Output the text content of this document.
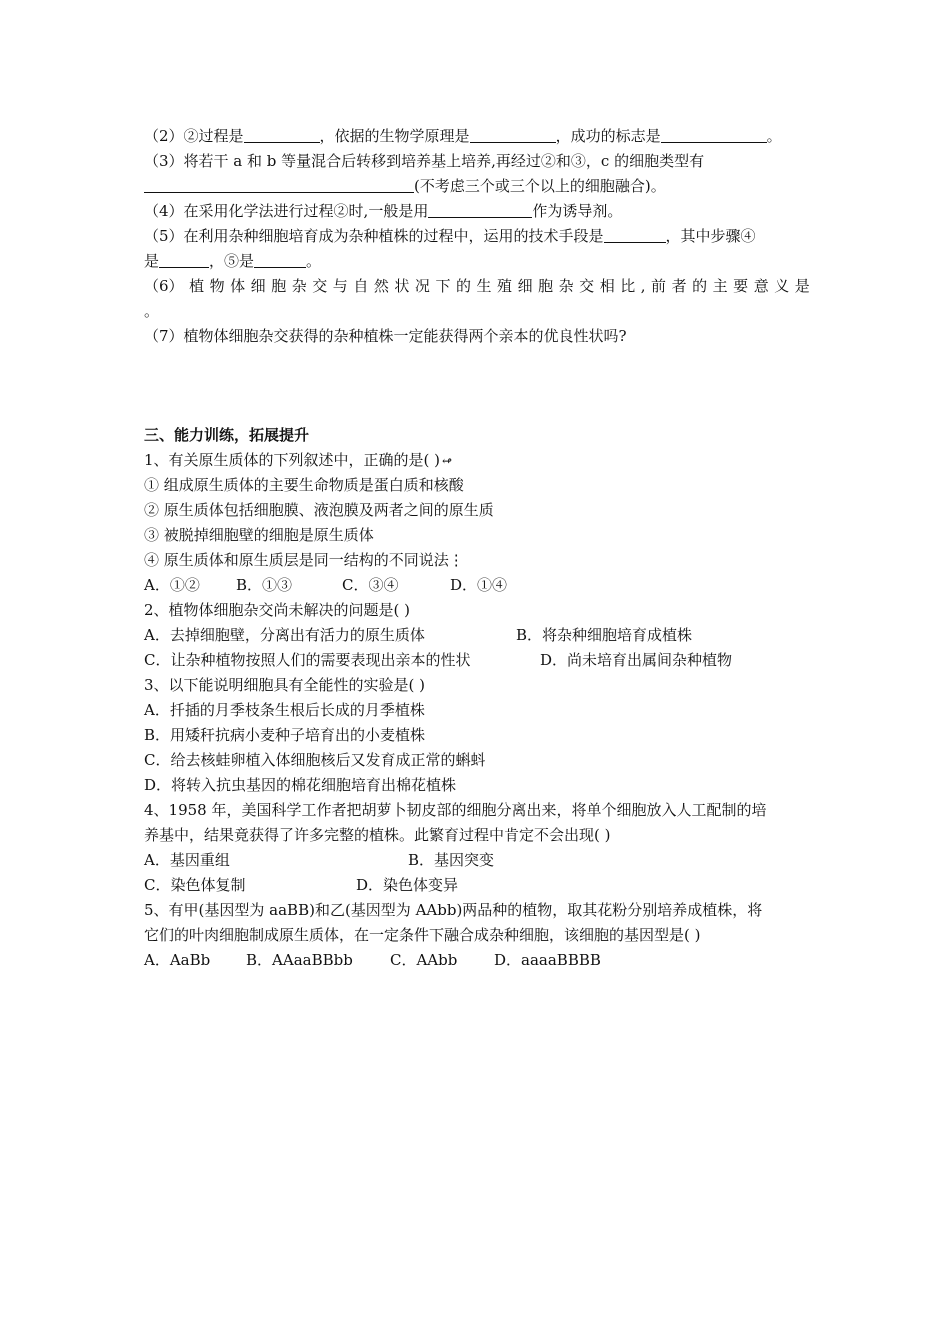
（2）②过程是	，依据的生物学原理是	，成功的标志是	。
（3）将若干 a 和 b 等量混合后转移到培养基上培养,再经过②和③，c 的细胞类型有
(不考虑三个或三个以上的细胞融合)。
（4）在采用化学法进行过程②时,一般是用	作为诱导剂。
（5）在利用杂种细胞培育成为杂种植株的过程中，运用的技术手段是	，其中步骤④
是	，⑤是	。
（6） 植 物 体 细 胞 杂 交 与 自 然 状 况 下 的 生 殖 细 胞 杂 交 相 比 , 前 者 的 主 要 意 义 是
。
（7）植物体细胞杂交获得的杂种植株一定能获得两个亲本的优良性状吗?
三、能力训练，拓展提升
1、有关原生质体的下列叙述中，正确的是( ) ↫
① 组成原生质体的主要生命物质是蛋白质和核酸
② 原生质体包括细胞膜、液泡膜及两者之间的原生质
③ 被脱掉细胞壁的细胞是原生质体
④ 原生质体和原生质层是同一结构的不同说法⋮
A．①② B．①③	C．③④	D．①④
2、植物体细胞杂交尚未解决的问题是( )
A．去掉细胞壁，分离出有活力的原生质体	B．将杂种细胞培育成植株
C．让杂种植物按照人们的需要表现出亲本的性状	D．尚未培育出属间杂种植物
3、以下能说明细胞具有全能性的实验是( )
A．扦插的月季枝条生根后长成的月季植株
B．用矮秆抗病小麦种子培育出的小麦植株
C．给去核蛙卵植入体细胞核后又发育成正常的蝌蚪
D．将转入抗虫基因的棉花细胞培育出棉花植株
4、1958 年，美国科学工作者把胡萝卜韧皮部的细胞分离出来，将单个细胞放入人工配制的培
养基中，结果竟获得了许多完整的植株。此繁育过程中肯定不会出现( )
A．基因重组	B．基因突变
C．染色体复制	D．染色体变异
5、有甲(基因型为 aaBB)和乙(基因型为 AAbb)两品种的植物，取其花粉分别培养成植株，将
它们的叶肉细胞制成原生质体，在一定条件下融合成杂种细胞，该细胞的基因型是( )
A．AaBb B．AAaaBBbb C．AAbb D．aaaaBBBB
